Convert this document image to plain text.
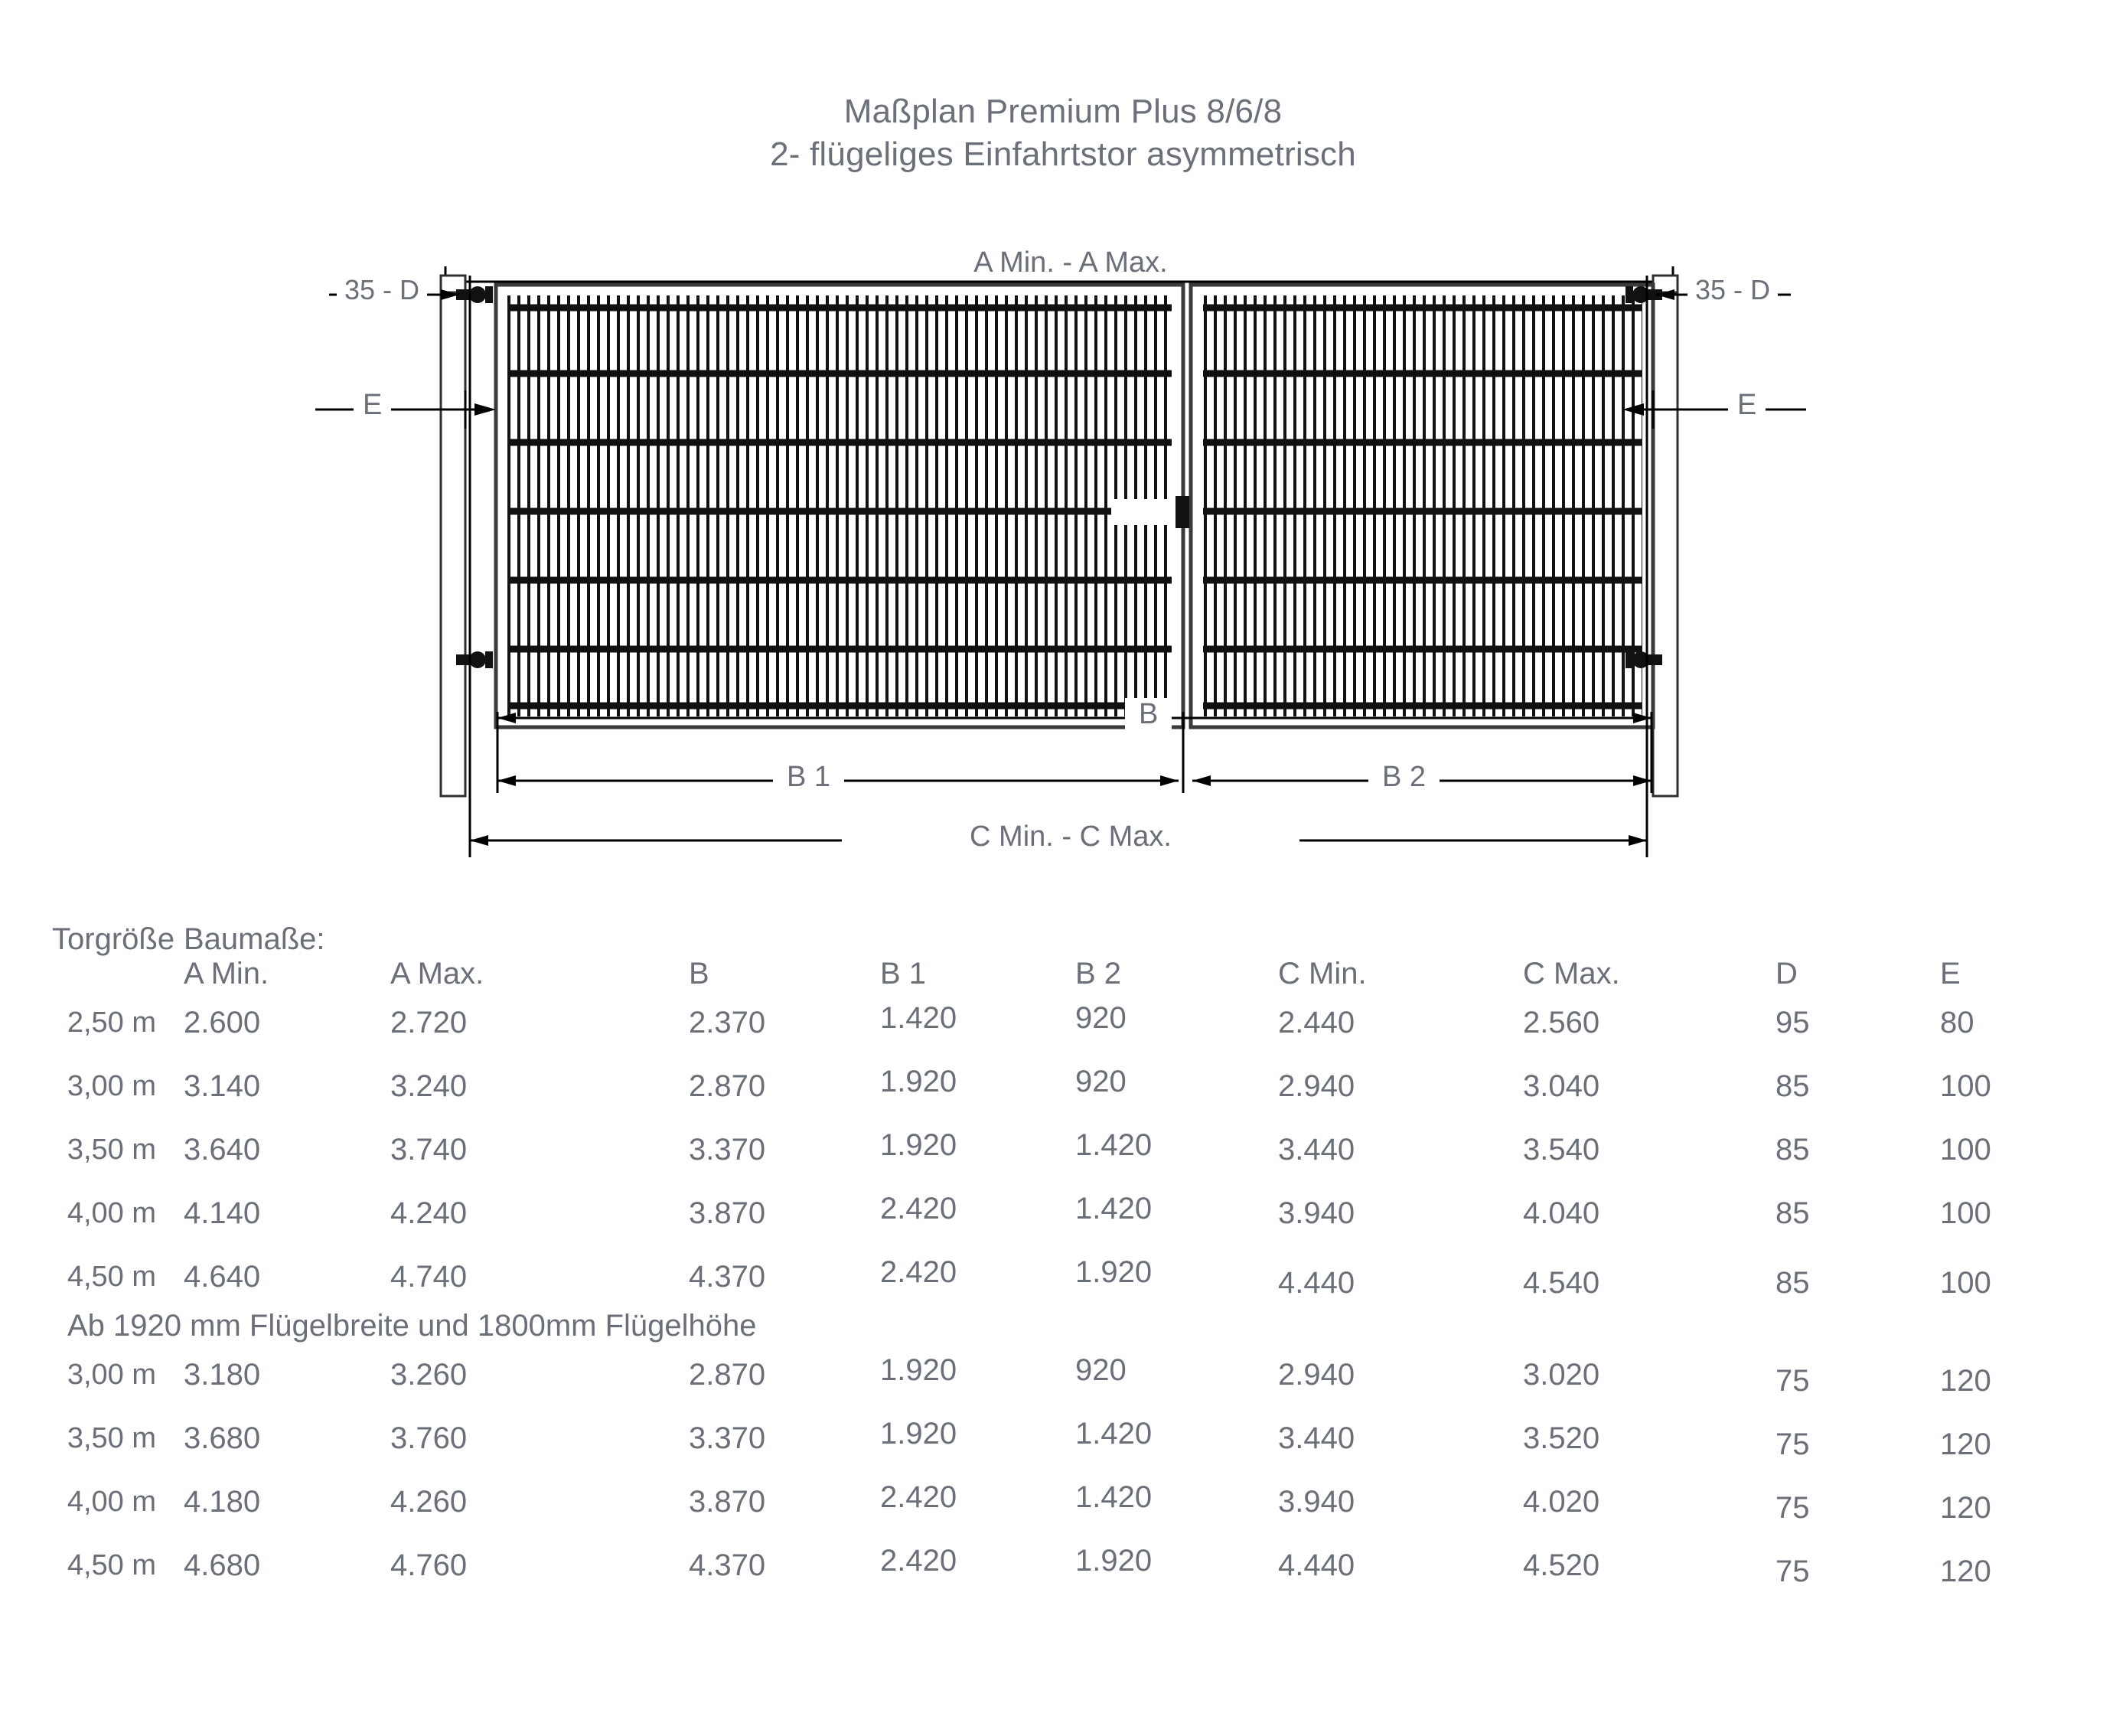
Maßplan Premium Plus 8/6/8
2- flügeliges Einfahrtstor asymmetrisch
A Min. - A Max.
35 - D	35 - D
E	E
B
B 1	B 2
C Min. - C Max.
Torgröße	Baumaße:								
	A Min.	A Max.	B	B 1	B 2	C Min.	C Max.	D	E
2,50 m	2.600	2.720	2.370	1.420	920	2.440	2.560	95	80
3,00 m	3.140	3.240	2.870	1.920	920	2.940	3.040	85	100
3,50 m	3.640	3.740	3.370	1.920	1.420	3.440	3.540	85	100
4,00 m	4.140	4.240	3.870	2.420	1.420	3.940	4.040	85	100
4,50 m	4.640	4.740	4.370	2.420	1.920	4.440	4.540	85	100
Ab 1920 mm Flügelbreite und 1800mm Flügelhöhe									
3,00 m	3.180	3.260	2.870	1.920	920	2.940	3.020	75	120
3,50 m	3.680	3.760	3.370	1.920	1.420	3.440	3.520	75	120
4,00 m	4.180	4.260	3.870	2.420	1.420	3.940	4.020	75	120
4,50 m	4.680	4.760	4.370	2.420	1.920	4.440	4.520	75	120
